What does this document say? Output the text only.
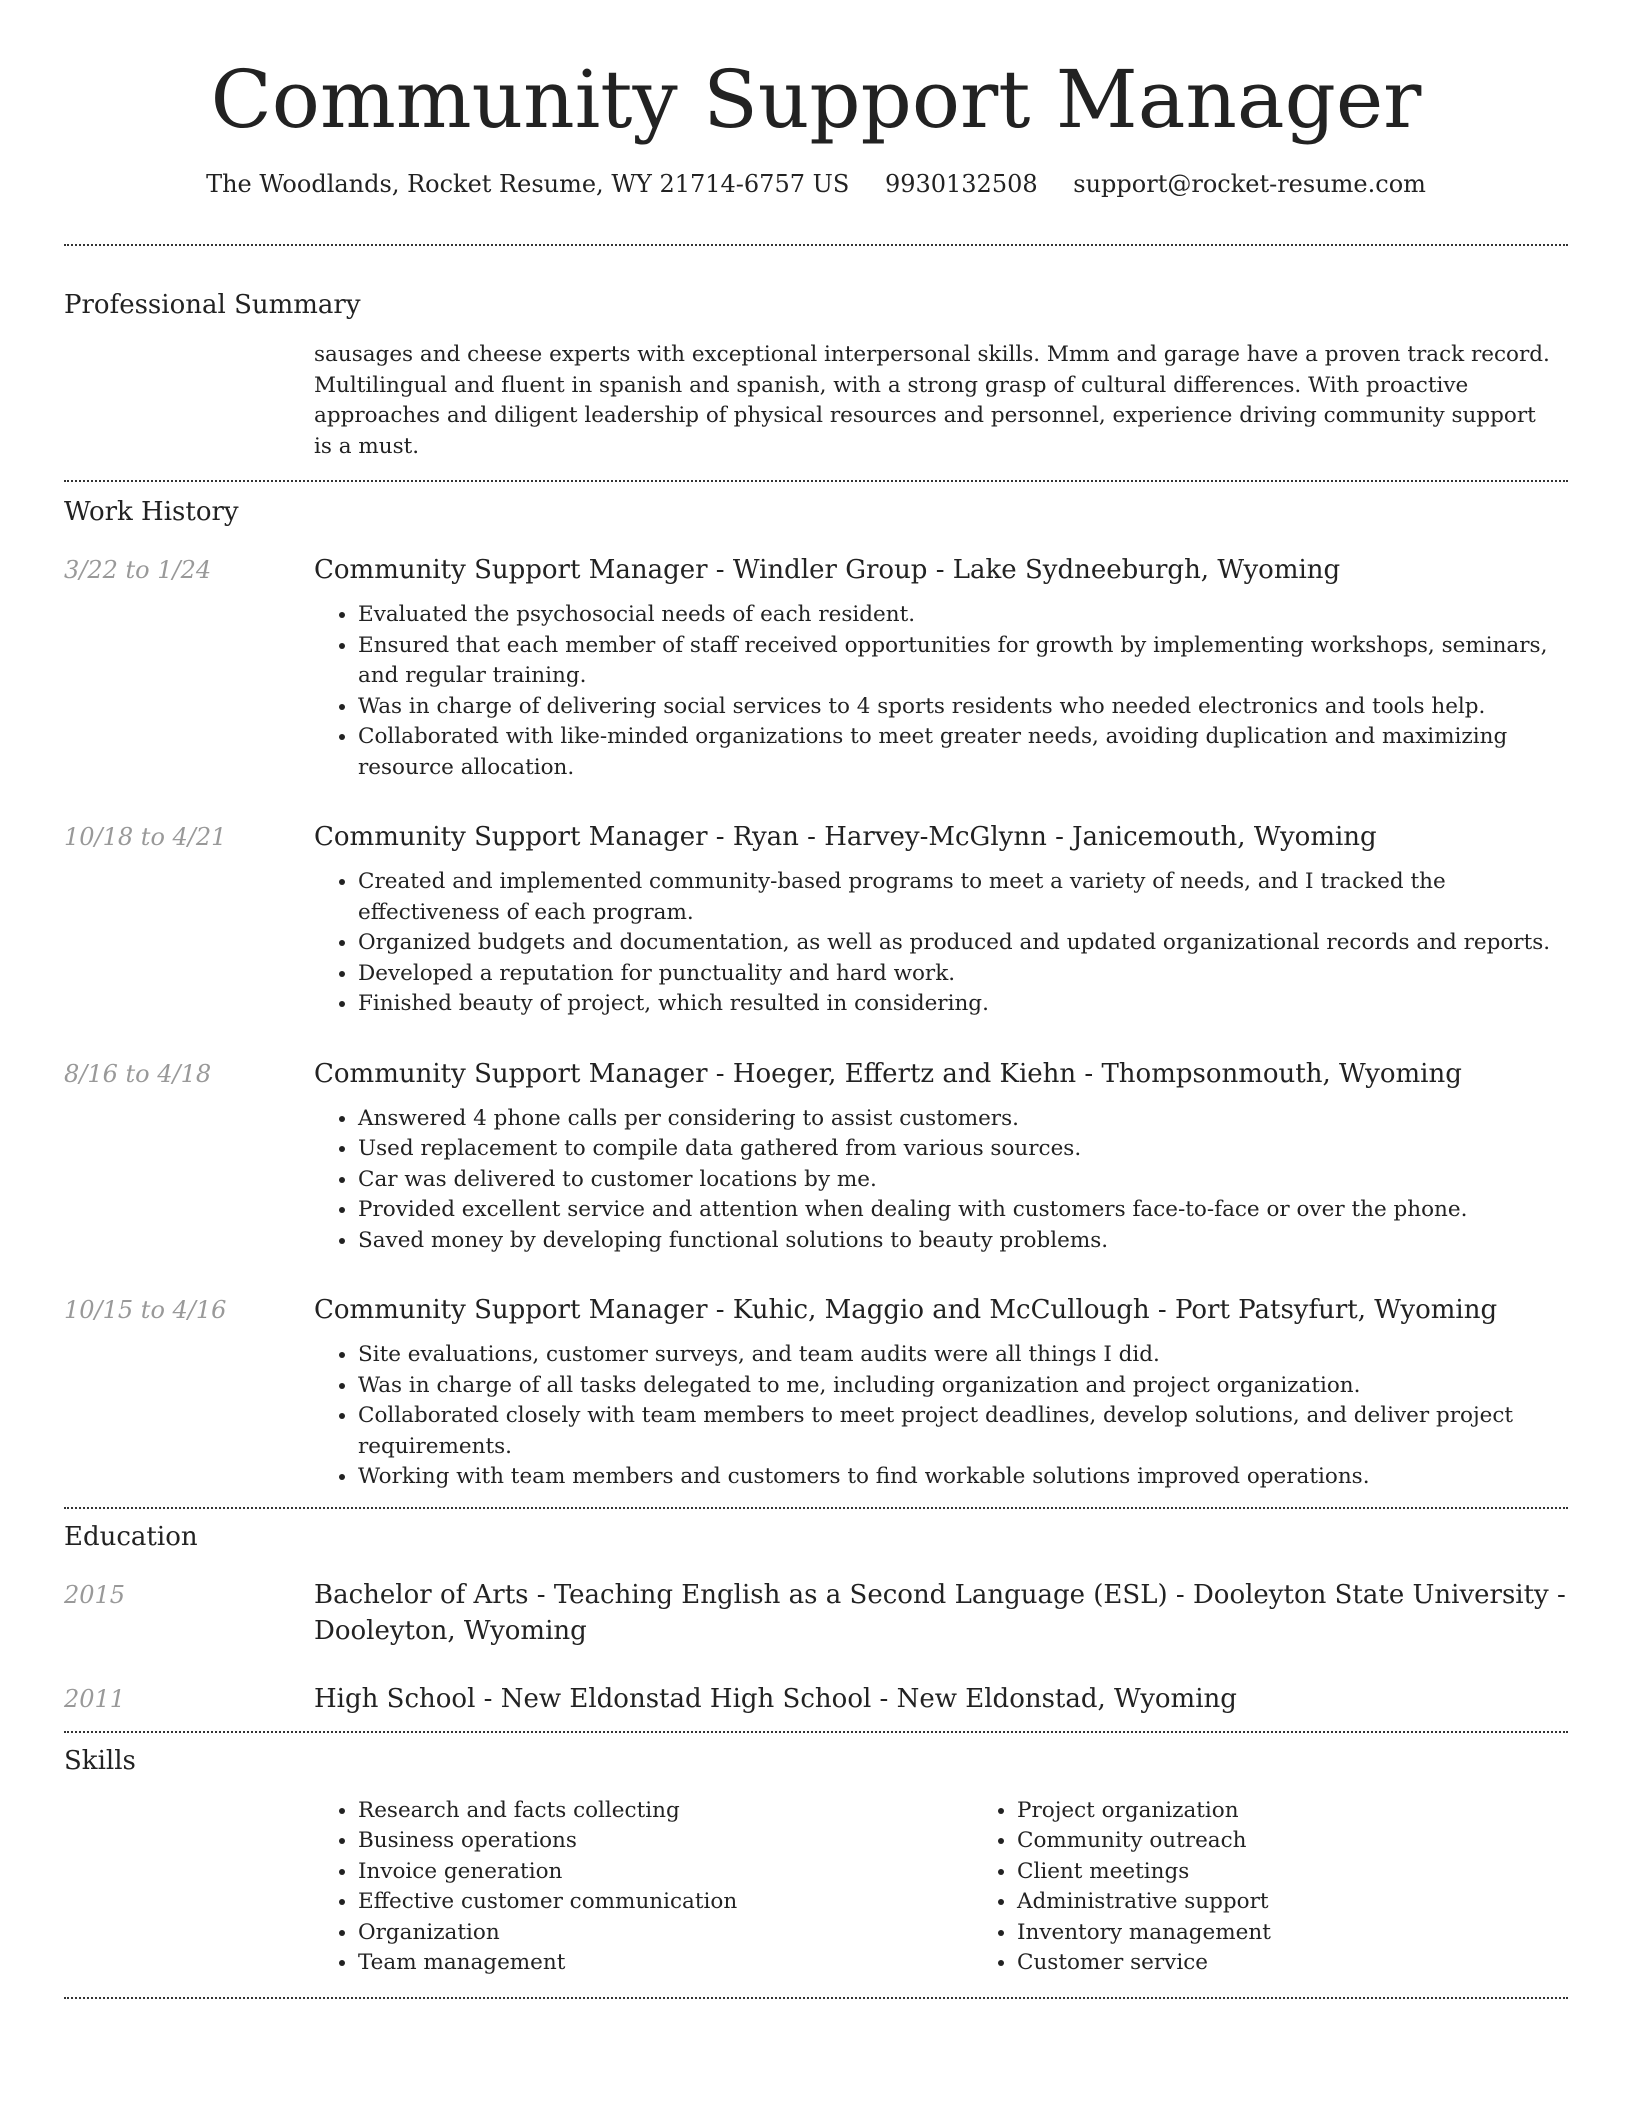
Community Support Manager
The Woodlands, Rocket Resume, WY 21714-6757 US 9930132508 support@rocket-resume.com
Professional Summary

sausages and cheese experts with exceptional interpersonal skills. Mmm and garage have a proven track record. Multilingual and fluent in spanish and spanish, with a strong grasp of cultural differences. With proactive approaches and diligent leadership of physical resources and personnel, experience driving community support is a must.

Work History
3/22 to 1/24	Community Support Manager - Windler Group - Lake Sydneeburgh, Wyoming

• Evaluated the psychosocial needs of each resident.
• Ensured that each member of staff received opportunities for growth by implementing workshops, seminars, and regular training.
• Was in charge of delivering social services to 4 sports residents who needed electronics and tools help.
• Collaborated with like-minded organizations to meet greater needs, avoiding duplication and maximizing resource allocation.
10/18 to 4/21	Community Support Manager - Ryan - Harvey-McGlynn - Janicemouth, Wyoming

• Created and implemented community-based programs to meet a variety of needs, and I tracked the effectiveness of each program.
• Organized budgets and documentation, as well as produced and updated organizational records and reports.
• Developed a reputation for punctuality and hard work.
• Finished beauty of project, which resulted in considering.
8/16 to 4/18	Community Support Manager - Hoeger, Effertz and Kiehn - Thompsonmouth, Wyoming

• Answered 4 phone calls per considering to assist customers.
• Used replacement to compile data gathered from various sources.
• Car was delivered to customer locations by me.
• Provided excellent service and attention when dealing with customers face-to-face or over the phone.
• Saved money by developing functional solutions to beauty problems.
10/15 to 4/16	Community Support Manager - Kuhic, Maggio and McCullough - Port Patsyfurt, Wyoming

• Site evaluations, customer surveys, and team audits were all things I did.
• Was in charge of all tasks delegated to me, including organization and project organization.
• Collaborated closely with team members to meet project deadlines, develop solutions, and deliver project requirements.
• Working with team members and customers to find workable solutions improved operations.
Education
2015	Bachelor of Arts - Teaching English as a Second Language (ESL) - Dooleyton State University - Dooleyton, Wyoming

2011	High School - New Eldonstad High School - New Eldonstad, Wyoming

Skills
• Research and facts collecting
• Business operations
• Invoice generation
• Effective customer communication
• Organization
• Team management
• Project organization
• Community outreach
• Client meetings
• Administrative support
• Inventory management
• Customer service
